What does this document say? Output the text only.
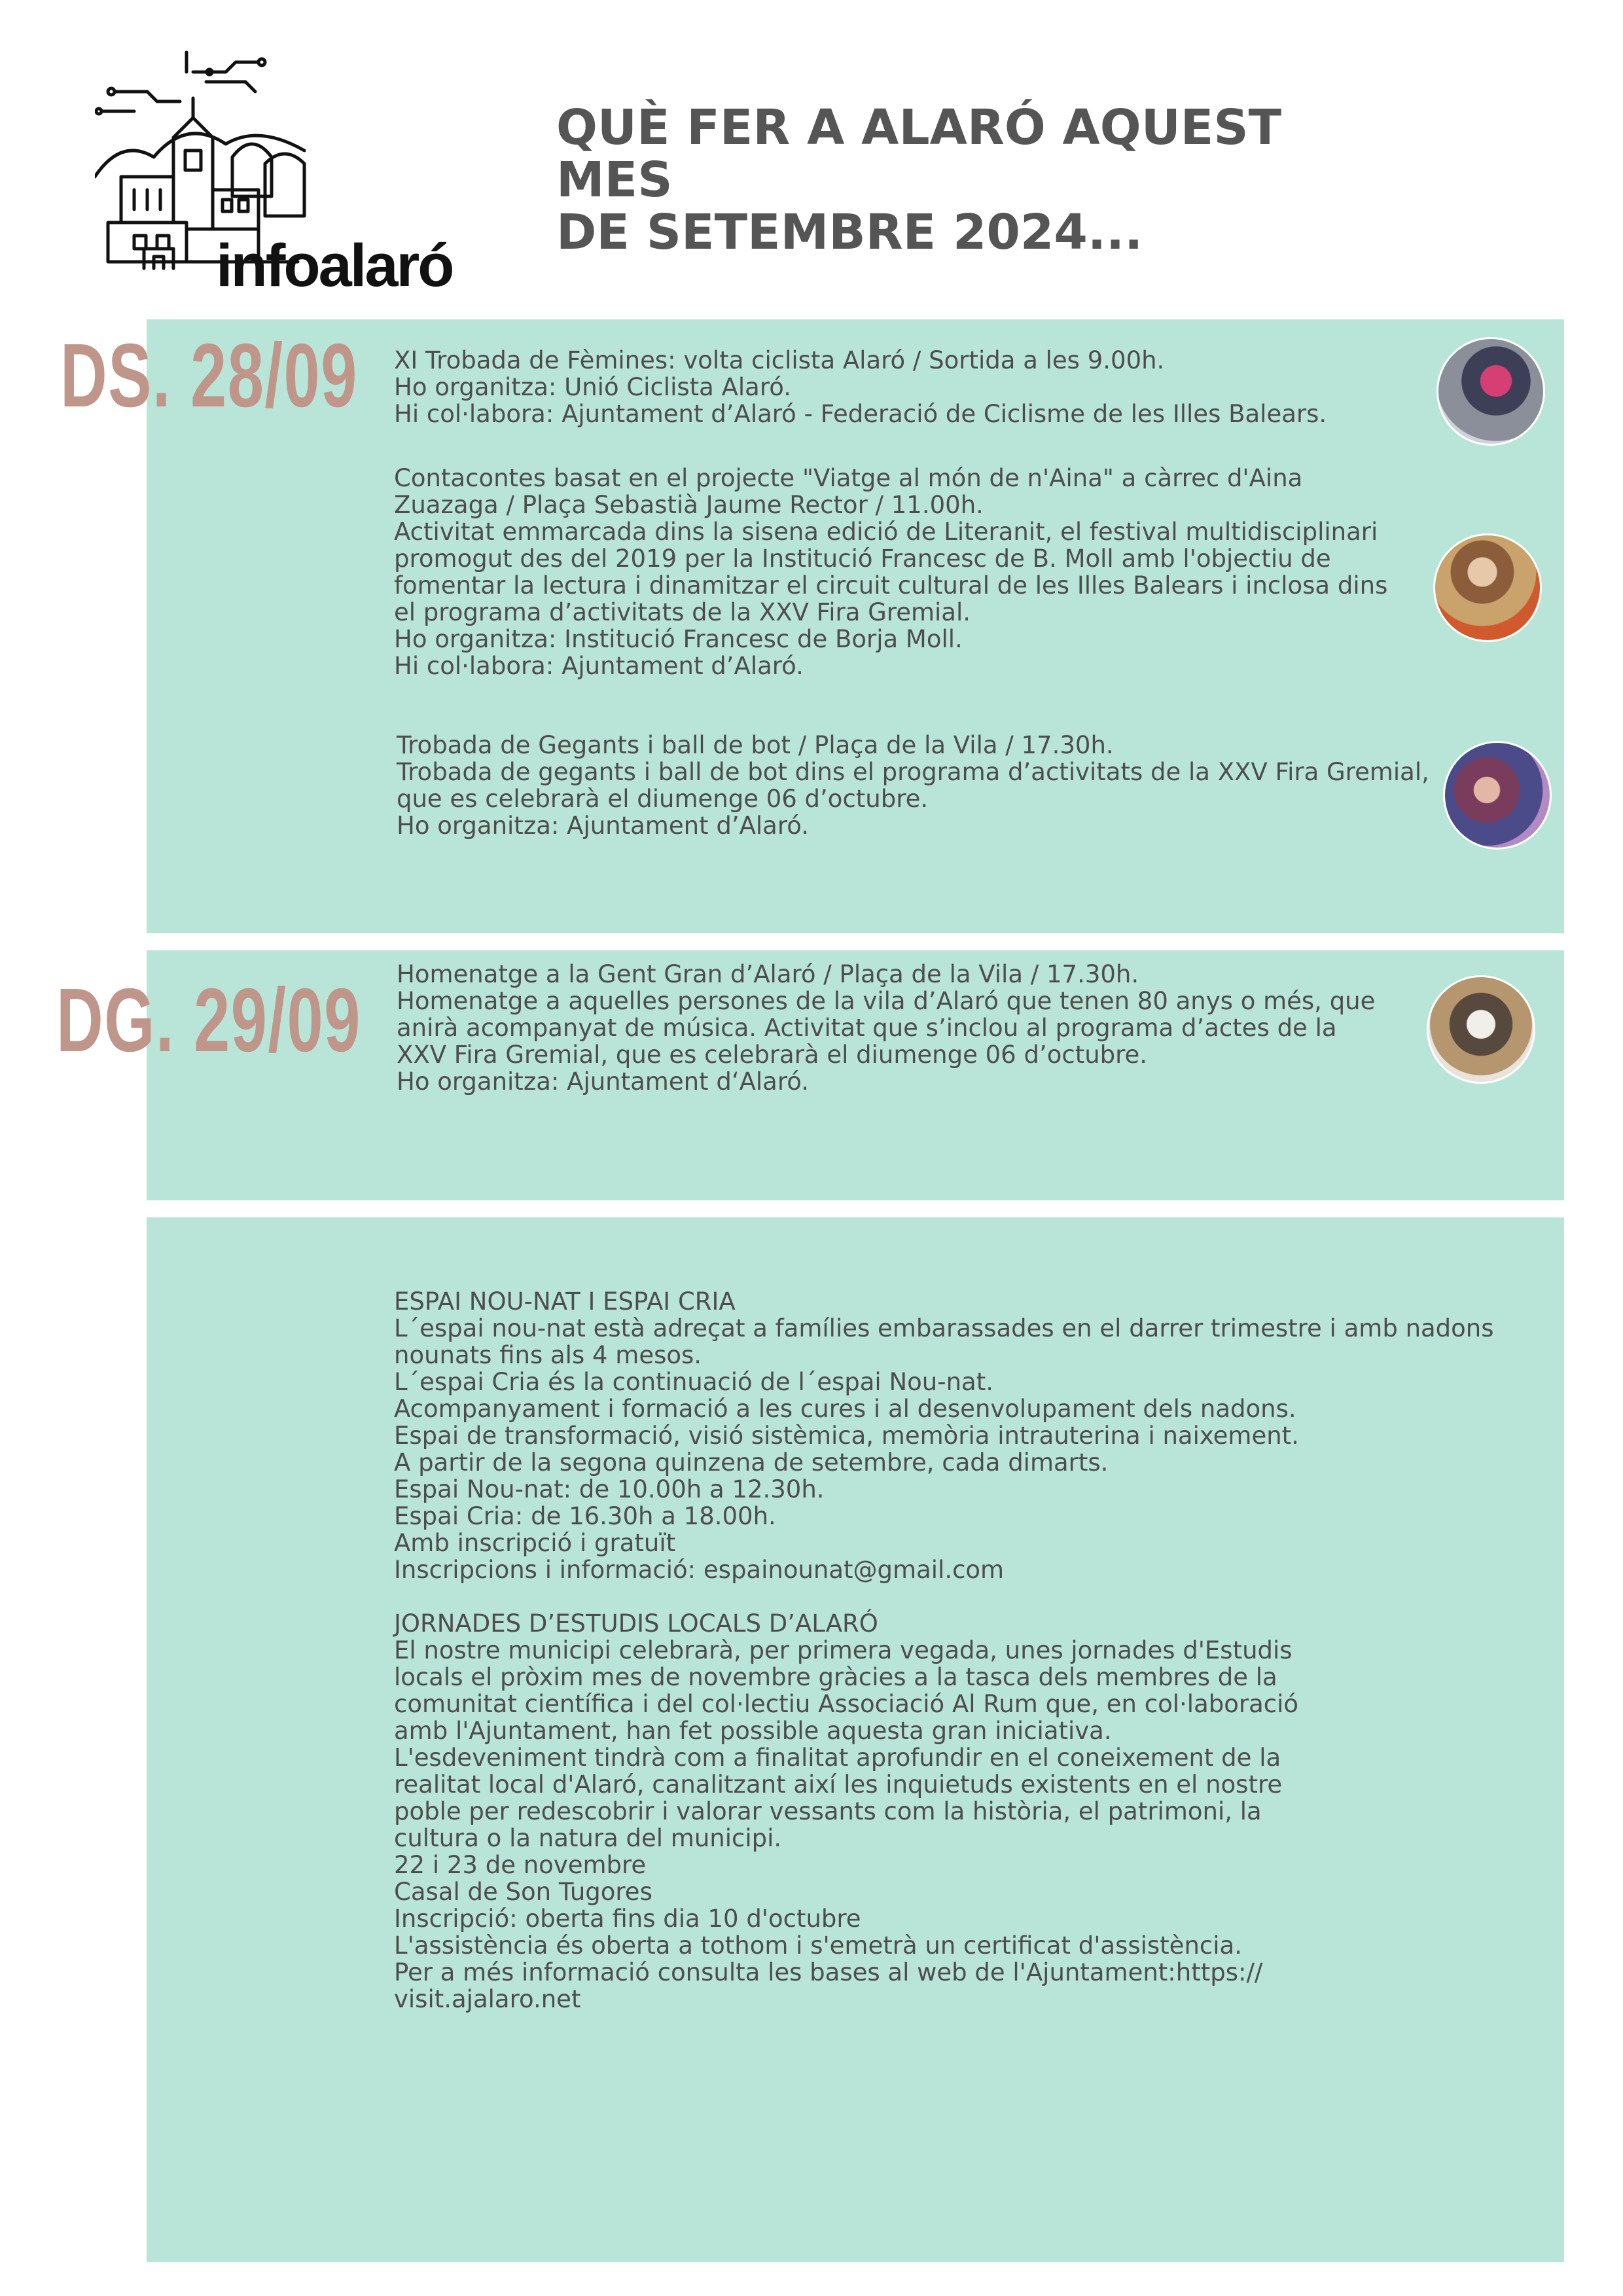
infoalaró
QUÈ FER A ALARÓ AQUEST MES
DE SETEMBRE 2024...
DS. 28/09
DG. 29/09

XI Trobada de Fèmines: volta ciclista Alaró / Sortida a les 9.00h.

Ho organitza: Unió Ciclista Alaró.

Hi col·labora: Ajuntament d’Alaró - Federació de Ciclisme de les Illes Balears.

Contacontes basat en el projecte "Viatge al món de n'Aina" a càrrec d'Aina

Zuazaga / Plaça Sebastià Jaume Rector / 11.00h.

Activitat emmarcada dins la sisena edició de Literanit, el festival multidisciplinari

promogut des del 2019 per la Institució Francesc de B. Moll amb l'objectiu de

fomentar la lectura i dinamitzar el circuit cultural de les Illes Balears i inclosa dins

el programa d’activitats de la XXV Fira Gremial.

Ho organitza: Institució Francesc de Borja Moll.

Hi col·labora: Ajuntament d’Alaró.

Trobada de Gegants i ball de bot / Plaça de la Vila / 17.30h.

Trobada de gegants i ball de bot dins el programa d’activitats de la XXV Fira Gremial,

que es celebrarà el diumenge 06 d’octubre.

Ho organitza: Ajuntament d’Alaró.

Homenatge a la Gent Gran d’Alaró / Plaça de la Vila / 17.30h.

Homenatge a aquelles persones de la vila d’Alaró que tenen 80 anys o més, que

anirà acompanyat de música. Activitat que s’inclou al programa d’actes de la

XXV Fira Gremial, que es celebrarà el diumenge 06 d’octubre.

Ho organitza: Ajuntament d‘Alaró.

ESPAI NOU-NAT I ESPAI CRIA

L´espai nou-nat està adreçat a famílies embarassades en el darrer trimestre i amb nadons

nounats fins als 4 mesos.

L´espai Cria és la continuació de l´espai Nou-nat.

Acompanyament i formació a les cures i al desenvolupament dels nadons.

Espai de transformació, visió sistèmica, memòria intrauterina i naixement.

A partir de la segona quinzena de setembre, cada dimarts.

Espai Nou-nat: de 10.00h a 12.30h.

Espai Cria: de 16.30h a 18.00h.

Amb inscripció i gratuït

Inscripcions i informació: espainounat@gmail.com

JORNADES D’ESTUDIS LOCALS D’ALARÓ

El nostre municipi celebrarà, per primera vegada, unes jornades d'Estudis

locals el pròxim mes de novembre gràcies a la tasca dels membres de la

comunitat científica i del col·lectiu Associació Al Rum que, en col·laboració

amb l'Ajuntament, han fet possible aquesta gran iniciativa.

L'esdeveniment tindrà com a finalitat aprofundir en el coneixement de la

realitat local d'Alaró, canalitzant així les inquietuds existents en el nostre

poble per redescobrir i valorar vessants com la història, el patrimoni, la

cultura o la natura del municipi.

22 i 23 de novembre

Casal de Son Tugores

Inscripció: oberta fins dia 10 d'octubre

L'assistència és oberta a tothom i s'emetrà un certificat d'assistència.

Per a més informació consulta les bases al web de l'Ajuntament:https://

visit.ajalaro.net
